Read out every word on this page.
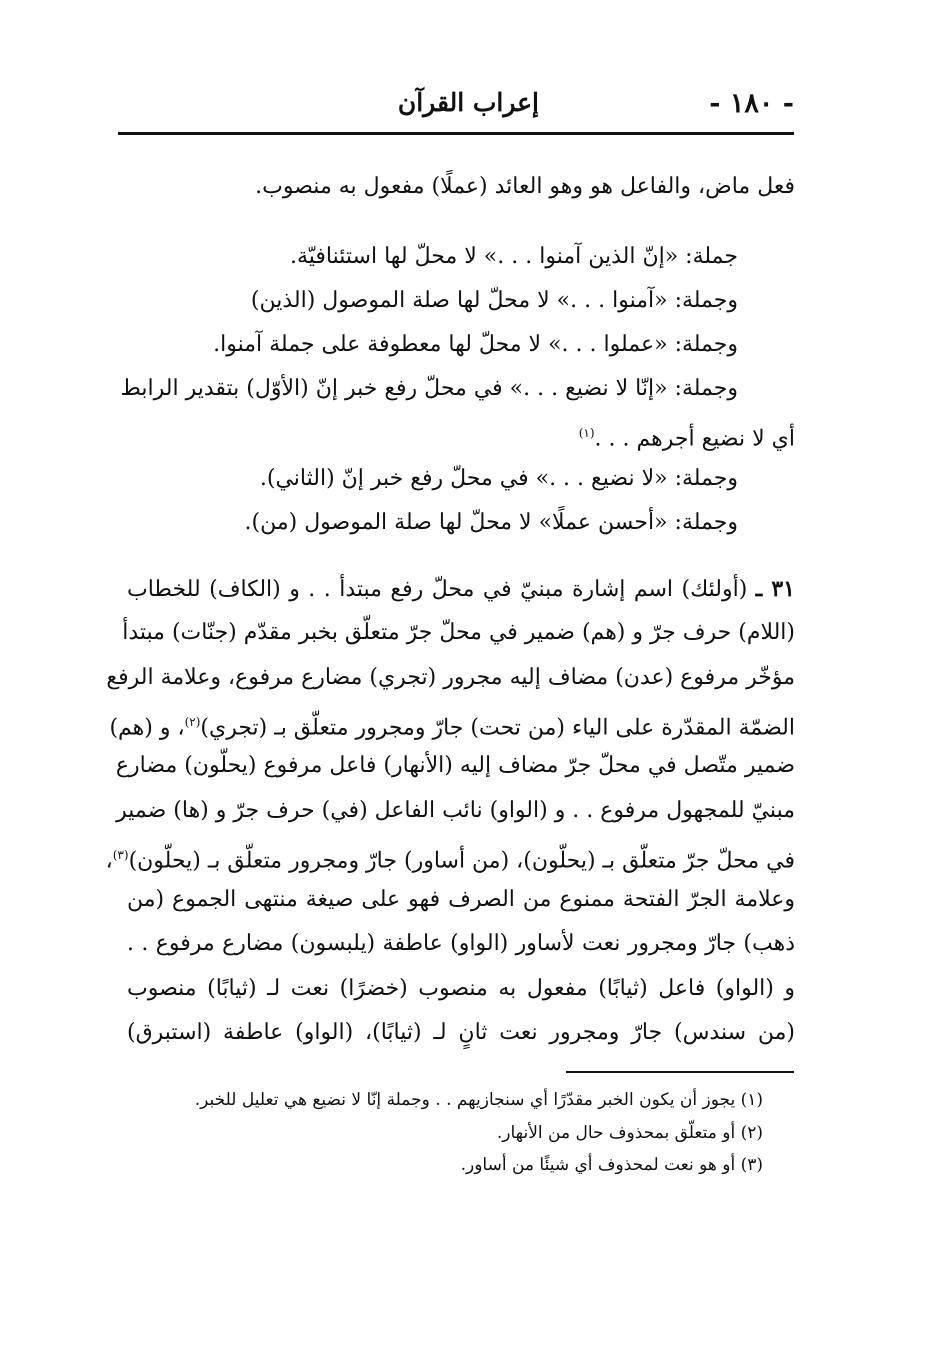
- ١٨٠ -
إعراب القرآن
فعل ماض، والفاعل هو وهو العائد (عملًا) مفعول به منصوب.
جملة: «إنّ الذين آمنوا . . .» لا محلّ لها استئنافيّة.
وجملة: «آمنوا . . .» لا محلّ لها صلة الموصول (الذين)
وجملة: «عملوا . . .» لا محلّ لها معطوفة على جملة آمنوا.
وجملة: «إنّا لا نضيع . . .» في محلّ رفع خبر إنّ (الأوّل) بتقدير الرابط
أي لا نضيع أجرهم . . .$^{(١)}$
وجملة: «لا نضيع . . .» في محلّ رفع خبر إنّ (الثاني).
وجملة: «أحسن عملًا» لا محلّ لها صلة الموصول (من).
٣١ ـ (أولئك) اسم إشارة مبنيّ في محلّ رفع مبتدأ . . و (الكاف) للخطاب
(اللام) حرف جرّ و (هم) ضمير في محلّ جرّ متعلّق بخبر مقدّم (جنّات) مبتدأ
مؤخّر مرفوع (عدن) مضاف إليه مجرور (تجري) مضارع مرفوع، وعلامة الرفع
الضمّة المقدّرة على الياء (من تحت) جارّ ومجرور متعلّق بـ (تجري)$^{(٢)}$، و (هم)
ضمير متّصل في محلّ جرّ مضاف إليه (الأنهار) فاعل مرفوع (يحلّون) مضارع
مبنيّ للمجهول مرفوع . . و (الواو) نائب الفاعل (في) حرف جرّ و (ها) ضمير
في محلّ جرّ متعلّق بـ (يحلّون)، (من أساور) جارّ ومجرور متعلّق بـ (يحلّون)$^{(٣)}$،
وعلامة الجرّ الفتحة ممنوع من الصرف فهو على صيغة منتهى الجموع (من
ذهب) جارّ ومجرور نعت لأساور (الواو) عاطفة (يلبسون) مضارع مرفوع . .
و (الواو) فاعل (ثيابًا) مفعول به منصوب (خضرًا) نعت لـ (ثيابًا) منصوب
(من سندس) جارّ ومجرور نعت ثانٍ لـ (ثيابًا)، (الواو) عاطفة (استبرق)
(١) يجوز أن يكون الخبر مقدّرًا أي سنجازيهم . . وجملة إنّا لا نضيع هي تعليل للخبر.
(٢) أو متعلّق بمحذوف حال من الأنهار.
(٣) أو هو نعت لمحذوف أي شيئًا من أساور.
